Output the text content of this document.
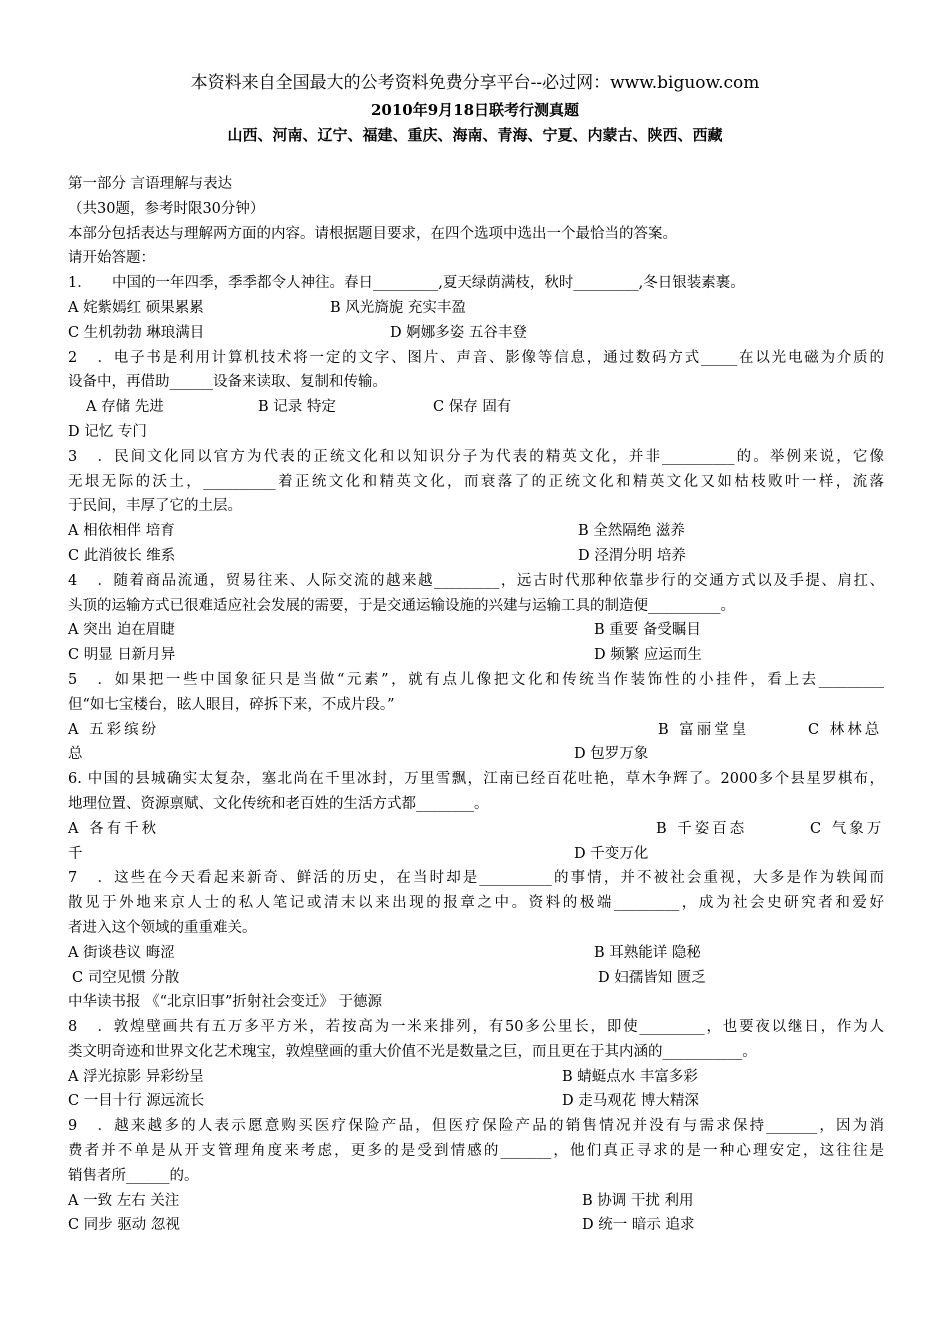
本资料来自全国最大的公考资料免费分享平台--必过网：www.biguow.com
2010年9月18日联考行测真题
山西、河南、辽宁、福建、重庆、海南、青海、宁夏、内蒙古、陕西、西藏
第一部分 言语理解与表达
（共30题，参考时限30分钟）
本部分包括表达与理解两方面的内容。请根据题目要求，在四个选项中选出一个最恰当的答案。
请开始答题：
1． 中国的一年四季，季季都令人神往。春日_________,夏天绿荫满枝，秋时_________,冬日银装素裹。
A 姹紫嫣红 硕果累累	B 风光旖旎 充实丰盈
C 生机勃勃 琳琅满目	D 婀娜多姿 五谷丰登
2．电子书是利用计算机技术将一定的文字、图片、声音、影像等信息，通过数码方式_____在以光电磁为介质的
设备中，再借助______设备来读取、复制和传输。
A 存储 先进	B 记录 特定	C 保存 固有
D 记忆 专门
3．民间文化同以官方为代表的正统文化和以知识分子为代表的精英文化，并非__________的。举例来说，它像
无垠无际的沃土，__________着正统文化和精英文化，而衰落了的正统文化和精英文化又如枯枝败叶一样，流落
于民间，丰厚了它的土层。
A 相依相伴 培育	B 全然隔绝 滋养
C 此消彼长 维系	D 泾渭分明 培养
4．随着商品流通，贸易往来、人际交流的越来越_________，远古时代那种依靠步行的交通方式以及手提、肩扛、
头顶的运输方式已很难适应社会发展的需要，于是交通运输设施的兴建与运输工具的制造便__________。
A 突出 迫在眉睫	B 重要 备受瞩目
C 明显 日新月异	D 频繁 应运而生
5．如果把一些中国象征只是当做“元素”，就有点儿像把文化和传统当作装饰性的小挂件，看上去_________
但“如七宝楼台，眩人眼目，碎拆下来，不成片段。”
A 五彩缤纷	B 富丽堂皇	C 林林总
总	D 包罗万象
6. 中国的县城确实太复杂，塞北尚在千里冰封，万里雪飘，江南已经百花吐艳，草木争辉了。2000多个县星罗棋布，
地理位置、资源禀赋、文化传统和老百姓的生活方式都________。
A 各有千秋	B 千姿百态	C 气象万
千	D 千变万化
7．这些在今天看起来新奇、鲜活的历史，在当时却是__________的事情，并不被社会重视，大多是作为轶闻而
散见于外地来京人士的私人笔记或清末以来出现的报章之中。资料的极端_________，成为社会史研究者和爱好
者进入这个领域的重重难关。
A 街谈巷议 晦涩	B 耳熟能详 隐秘
C 司空见惯 分散	D 妇孺皆知 匮乏
中华读书报 《“北京旧事”折射社会变迁》 于德源
8．敦煌壁画共有五万多平方米，若按高为一米来排列，有50多公里长，即使_________，也要夜以继日，作为人
类文明奇迹和世界文化艺术瑰宝，敦煌壁画的重大价值不光是数量之巨，而且更在于其内涵的___________。
A 浮光掠影 异彩纷呈	B 蜻蜓点水 丰富多彩
C 一目十行 源远流长	D 走马观花 博大精深
9．越来越多的人表示愿意购买医疗保险产品，但医疗保险产品的销售情况并没有与需求保持_______，因为消
费者并不单是从开支管理角度来考虑，更多的是受到情感的_______，他们真正寻求的是一种心理安定，这往往是
销售者所______的。
A 一致 左右 关注	B 协调 干扰 利用
C 同步 驱动 忽视	D 统一 暗示 追求
